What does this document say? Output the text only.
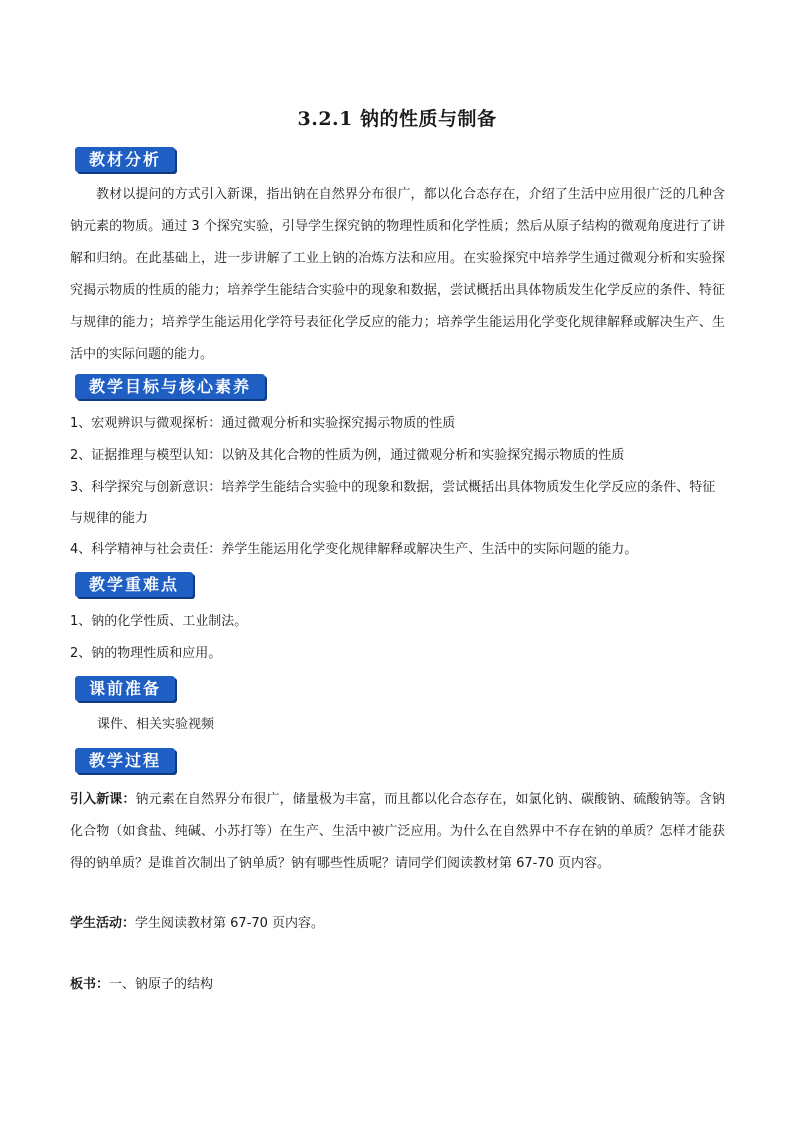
3.2.1 钠的性质与制备
教材分析
教材以提问的方式引入新课，指出钠在自然界分布很广，都以化合态存在，介绍了生活中应用很广泛的几种含钠元素的物质。通过 3 个探究实验，引导学生探究钠的物理性质和化学性质；然后从原子结构的微观角度进行了讲解和归纳。在此基础上，进一步讲解了工业上钠的冶炼方法和应用。在实验探究中培养学生通过微观分析和实验探究揭示物质的性质的能力；培养学生能结合实验中的现象和数据，尝试概括出具体物质发生化学反应的条件、特征与规律的能力；培养学生能运用化学符号表征化学反应的能力；培养学生能运用化学变化规律解释或解决生产、生活中的实际问题的能力。
教学目标与核心素养
1、宏观辨识与微观探析：通过微观分析和实验探究揭示物质的性质
2、证据推理与模型认知：以钠及其化合物的性质为例，通过微观分析和实验探究揭示物质的性质
3、科学探究与创新意识：培养学生能结合实验中的现象和数据，尝试概括出具体物质发生化学反应的条件、特征与规律的能力
4、科学精神与社会责任：养学生能运用化学变化规律解释或解决生产、生活中的实际问题的能力。
教学重难点
1、钠的化学性质、工业制法。
2、钠的物理性质和应用。
课前准备
课件、相关实验视频
教学过程
引入新课：钠元素在自然界分布很广，储量极为丰富，而且都以化合态存在，如氯化钠、碳酸钠、硫酸钠等。含钠化合物（如食盐、纯碱、小苏打等）在生产、生活中被广泛应用。为什么在自然界中不存在钠的单质？怎样才能获得的钠单质？是谁首次制出了钠单质？钠有哪些性质呢？请同学们阅读教材第 67-70 页内容。
学生活动：学生阅读教材第 67-70 页内容。
板书：一、钠原子的结构
